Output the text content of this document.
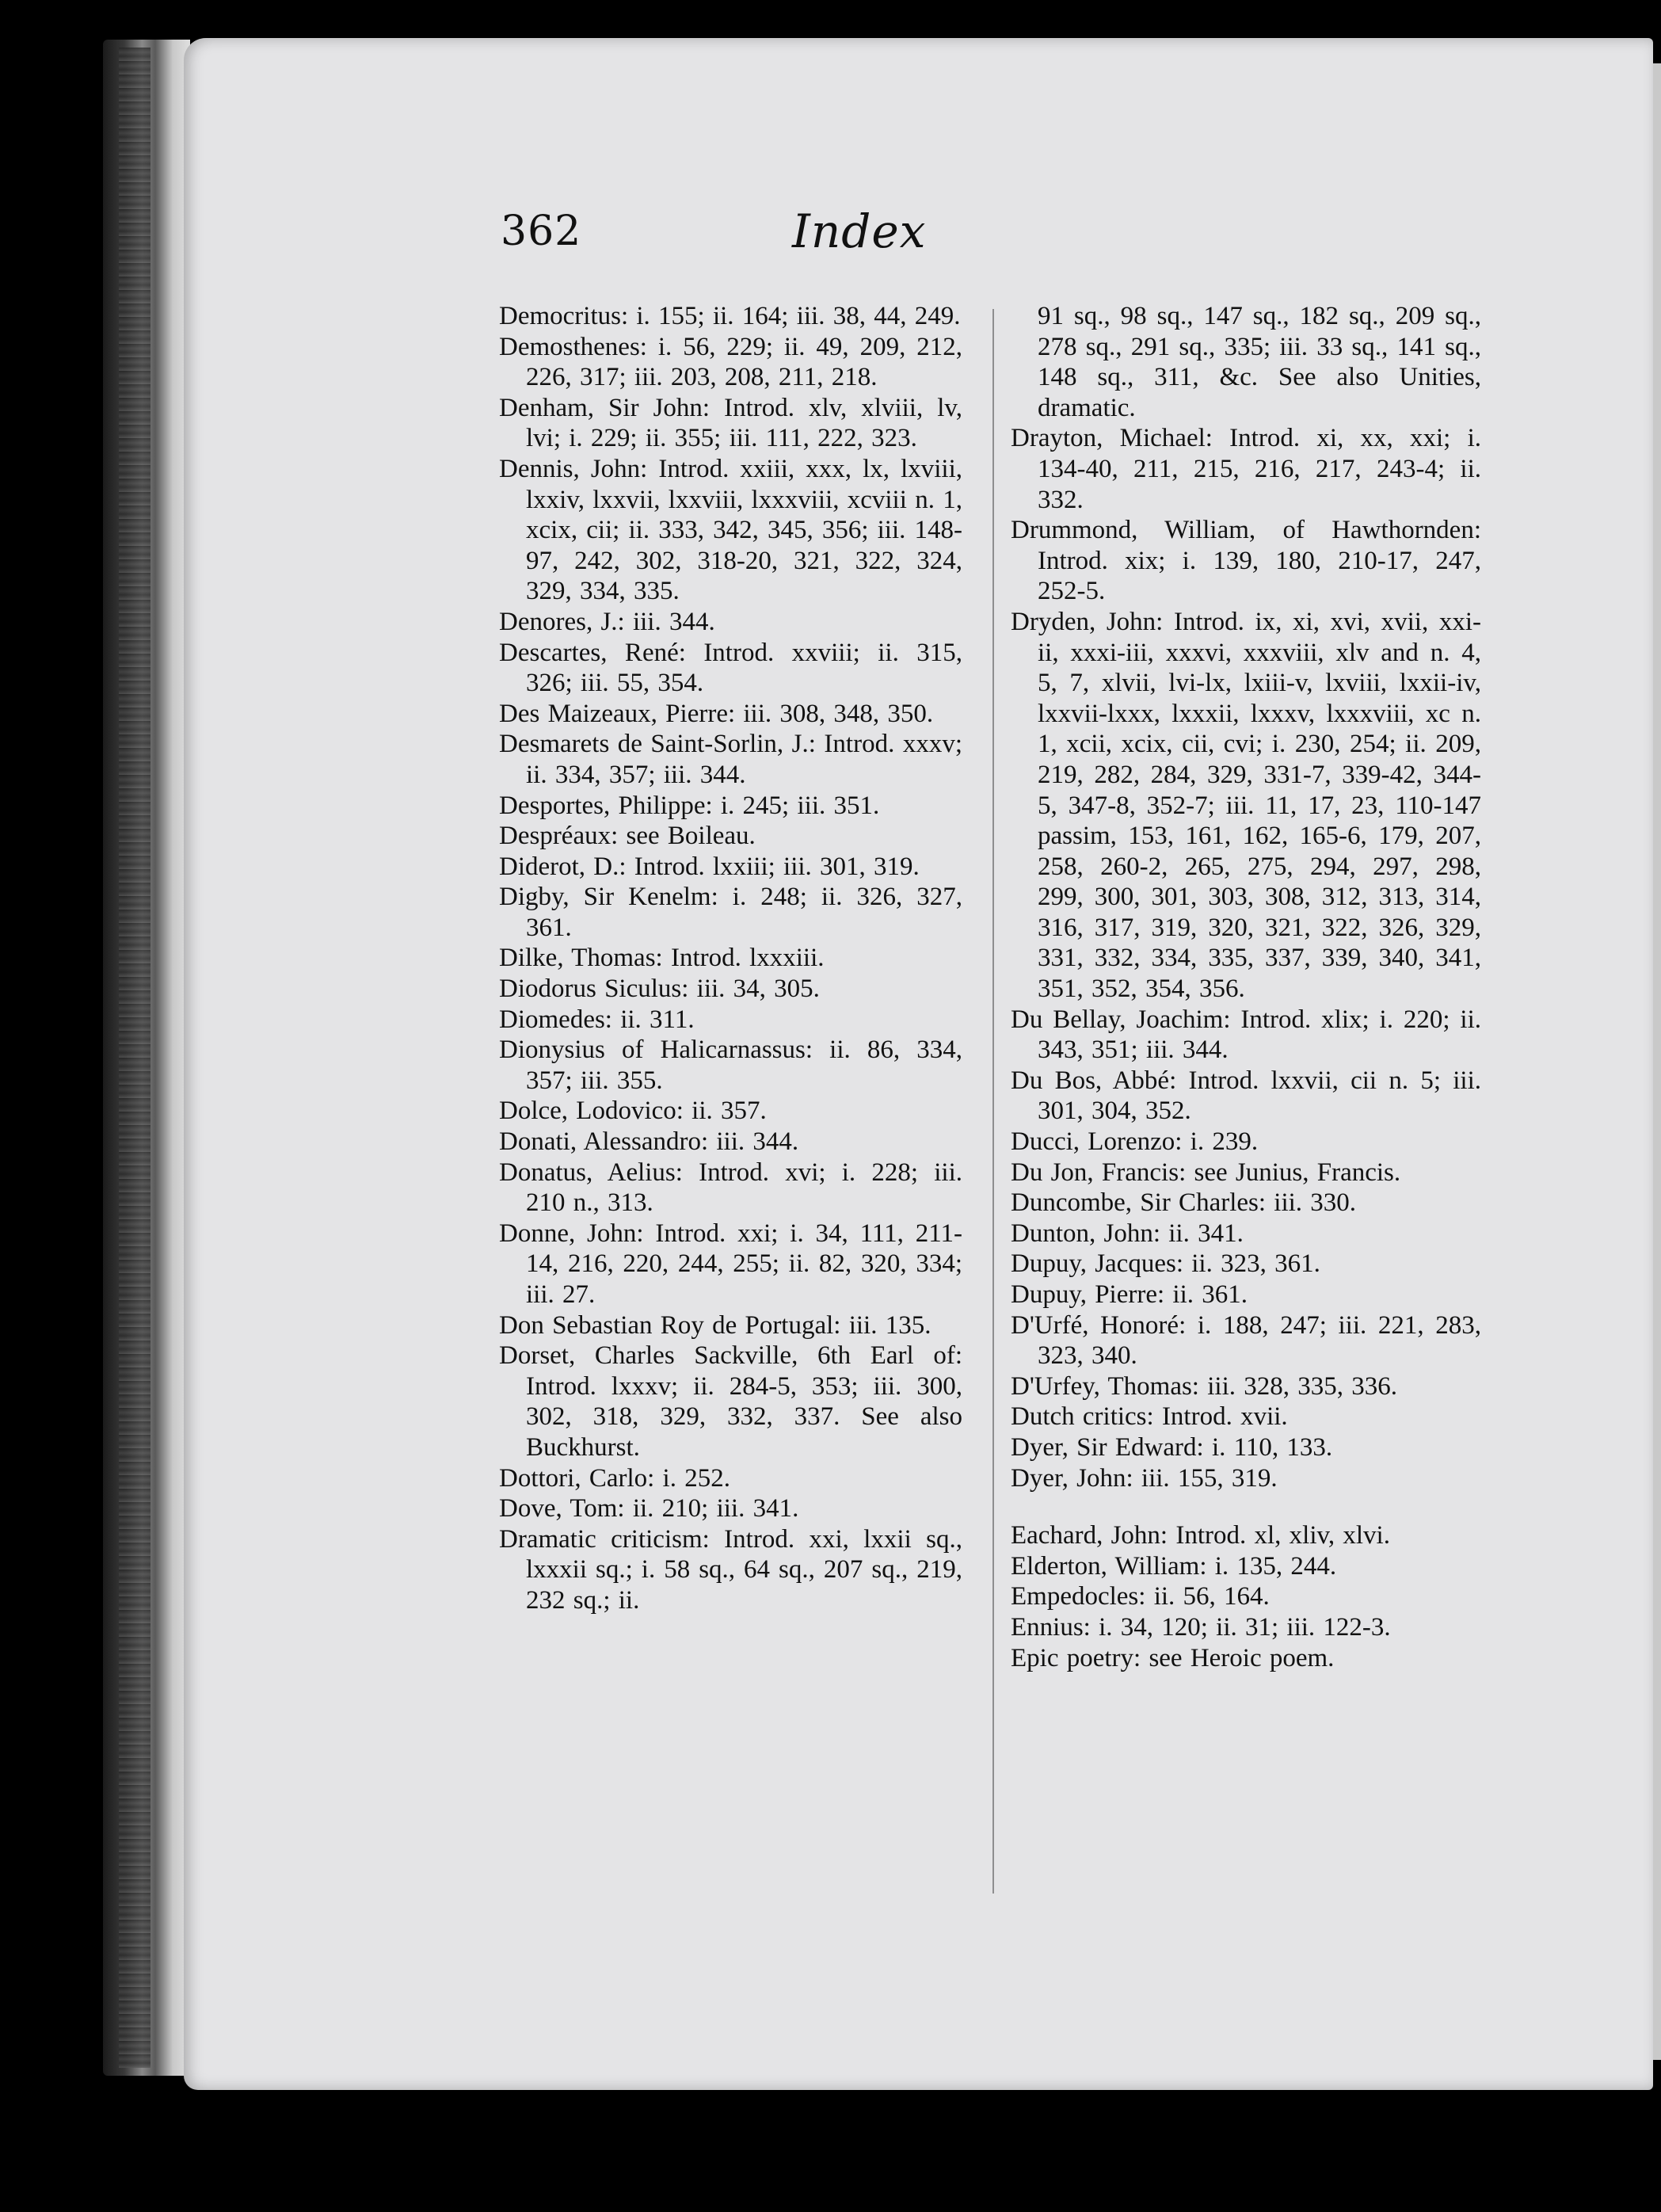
362	Index

Democritus: i. 155; ii. 164; iii. 38, 44, 249.

Demosthenes: i. 56, 229; ii. 49, 209, 212, 226, 317; iii. 203, 208, 211, 218.

Denham, Sir John: Introd. xlv, xlviii, lv, lvi; i. 229; ii. 355; iii. 111, 222, 323.

Dennis, John: Introd. xxiii, xxx, lx, lxviii, lxxiv, lxxvii, lxxviii, lxxxviii, xcviii n. 1, xcix, cii; ii. 333, 342, 345, 356; iii. 148-97, 242, 302, 318-20, 321, 322, 324, 329, 334, 335.

Denores, J.: iii. 344.

Descartes, René: Introd. xxviii; ii. 315, 326; iii. 55, 354.

Des Maizeaux, Pierre: iii. 308, 348, 350.

Desmarets de Saint-Sorlin, J.: Introd. xxxv; ii. 334, 357; iii. 344.

Desportes, Philippe: i. 245; iii. 351.

Despréaux: see Boileau.

Diderot, D.: Introd. lxxiii; iii. 301, 319.

Digby, Sir Kenelm: i. 248; ii. 326, 327, 361.

Dilke, Thomas: Introd. lxxxiii.

Diodorus Siculus: iii. 34, 305.

Diomedes: ii. 311.

Dionysius of Halicarnassus: ii. 86, 334, 357; iii. 355.

Dolce, Lodovico: ii. 357.

Donati, Alessandro: iii. 344.

Donatus, Aelius: Introd. xvi; i. 228; iii. 210 n., 313.

Donne, John: Introd. xxi; i. 34, 111, 211-14, 216, 220, 244, 255; ii. 82, 320, 334; iii. 27.

Don Sebastian Roy de Portugal: iii. 135.

Dorset, Charles Sackville, 6th Earl of: Introd. lxxxv; ii. 284-5, 353; iii. 300, 302, 318, 329, 332, 337. See also Buckhurst.

Dottori, Carlo: i. 252.

Dove, Tom: ii. 210; iii. 341.

Dramatic criticism: Introd. xxi, lxxii sq., lxxxii sq.; i. 58 sq., 64 sq., 207 sq., 219, 232 sq.; ii.

91 sq., 98 sq., 147 sq., 182 sq., 209 sq., 278 sq., 291 sq., 335; iii. 33 sq., 141 sq., 148 sq., 311, &c. See also Unities, dramatic.

Drayton, Michael: Introd. xi, xx, xxi; i. 134-40, 211, 215, 216, 217, 243-4; ii. 332.

Drummond, William, of Hawthornden: Introd. xix; i. 139, 180, 210-17, 247, 252-5.

Dryden, John: Introd. ix, xi, xvi, xvii, xxi-ii, xxxi-iii, xxxvi, xxxviii, xlv and n. 4, 5, 7, xlvii, lvi-lx, lxiii-v, lxviii, lxxii-iv, lxxvii-lxxx, lxxxii, lxxxv, lxxxviii, xc n. 1, xcii, xcix, cii, cvi; i. 230, 254; ii. 209, 219, 282, 284, 329, 331-7, 339-42, 344-5, 347-8, 352-7; iii. 11, 17, 23, 110-147 passim, 153, 161, 162, 165-6, 179, 207, 258, 260-2, 265, 275, 294, 297, 298, 299, 300, 301, 303, 308, 312, 313, 314, 316, 317, 319, 320, 321, 322, 326, 329, 331, 332, 334, 335, 337, 339, 340, 341, 351, 352, 354, 356.

Du Bellay, Joachim: Introd. xlix; i. 220; ii. 343, 351; iii. 344.

Du Bos, Abbé: Introd. lxxvii, cii n. 5; iii. 301, 304, 352.

Ducci, Lorenzo: i. 239.

Du Jon, Francis: see Junius, Francis.

Duncombe, Sir Charles: iii. 330.

Dunton, John: ii. 341.

Dupuy, Jacques: ii. 323, 361.

Dupuy, Pierre: ii. 361.

D'Urfé, Honoré: i. 188, 247; iii. 221, 283, 323, 340.

D'Urfey, Thomas: iii. 328, 335, 336.

Dutch critics: Introd. xvii.

Dyer, Sir Edward: i. 110, 133.

Dyer, John: iii. 155, 319.

Eachard, John: Introd. xl, xliv, xlvi.

Elderton, William: i. 135, 244.

Empedocles: ii. 56, 164.

Ennius: i. 34, 120; ii. 31; iii. 122-3.

Epic poetry: see Heroic poem.
